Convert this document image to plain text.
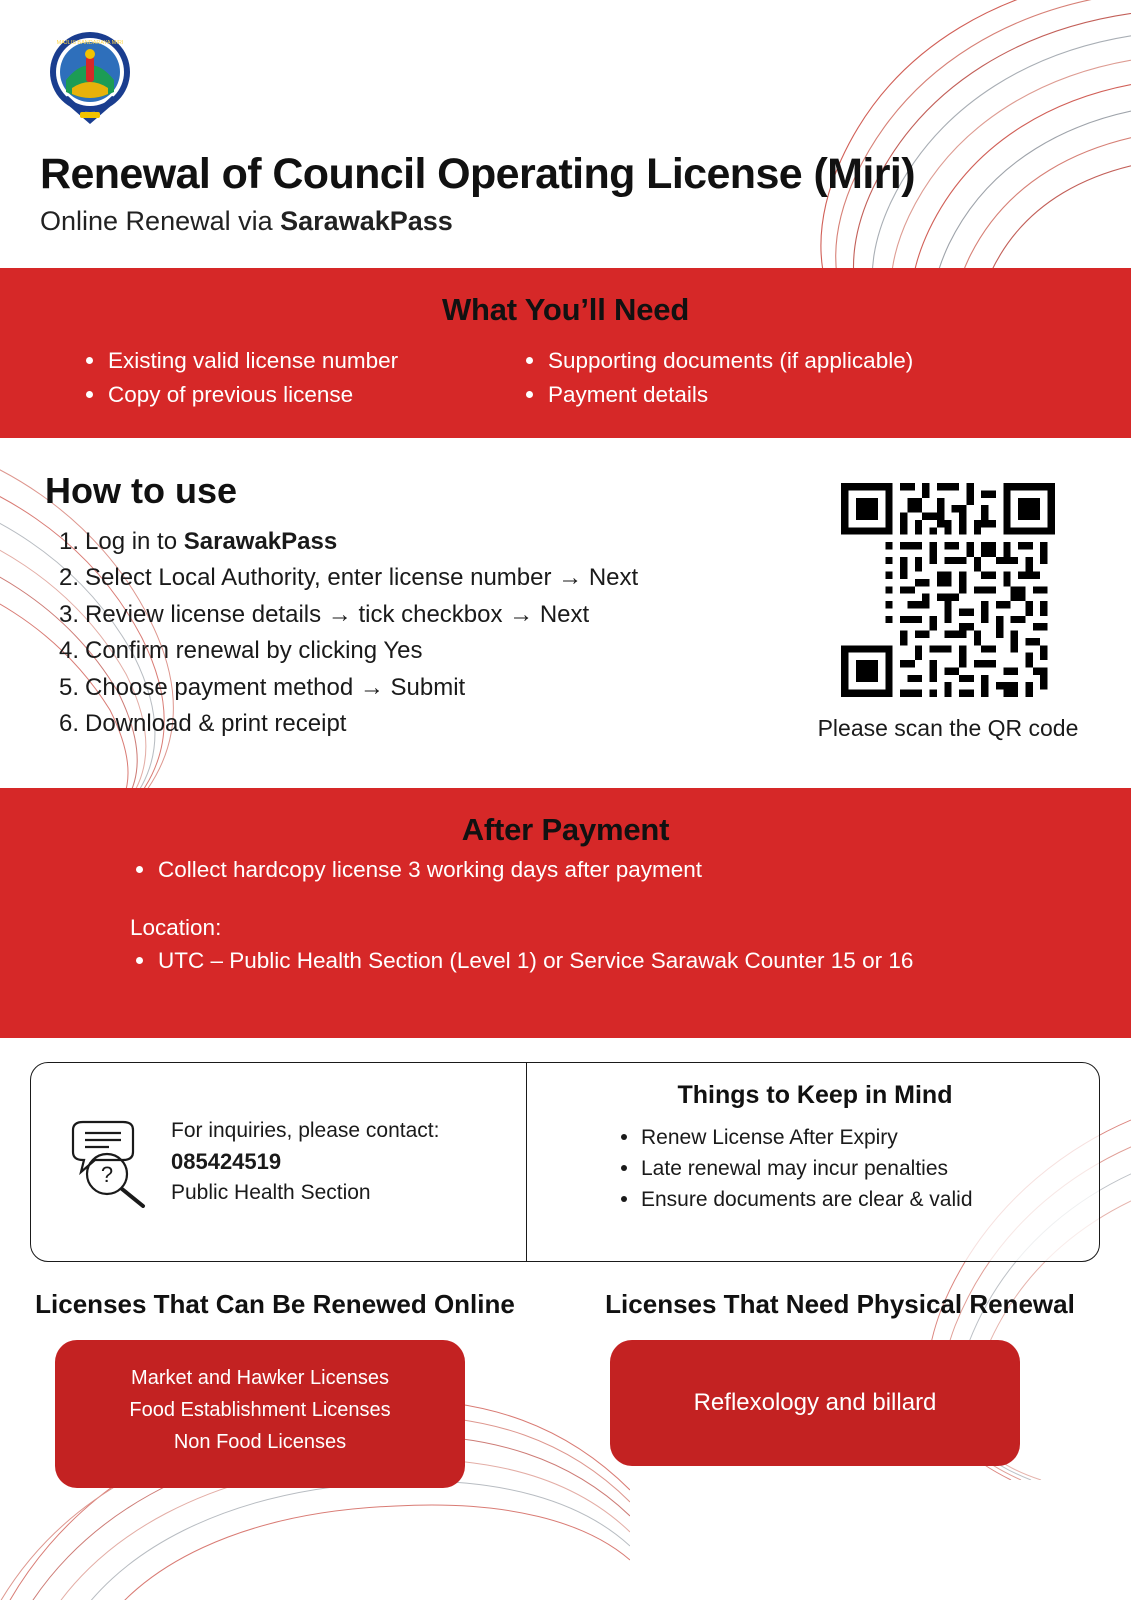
MAJLIS BANDARAYA MIRI
Renewal of Council Operating License (Miri)
Online Renewal via SarawakPass
What You’ll Need
Existing valid license number
Copy of previous license
Supporting documents (if applicable)
Payment details
How to use
Log in to SarawakPass
Select Local Authority, enter license number → Next
Review license details → tick checkbox → Next
Confirm renewal by clicking Yes
Choose payment method → Submit
Download & print receipt	Please scan the QR code
After Payment
Collect hardcopy license 3 working days after payment
Location:
UTC – Public Health Section (Level 1) or Service Sarawak Counter 15 or 16
?
For inquiries, please contact:
085424519
Public Health Section
Things to Keep in Mind
Renew License After Expiry
Late renewal may incur penalties
Ensure documents are clear & valid
Licenses That Can Be Renewed Online
Market and Hawker Licenses
Food Establishment Licenses
Non Food Licenses
Licenses That Need Physical Renewal
Reflexology and billard
